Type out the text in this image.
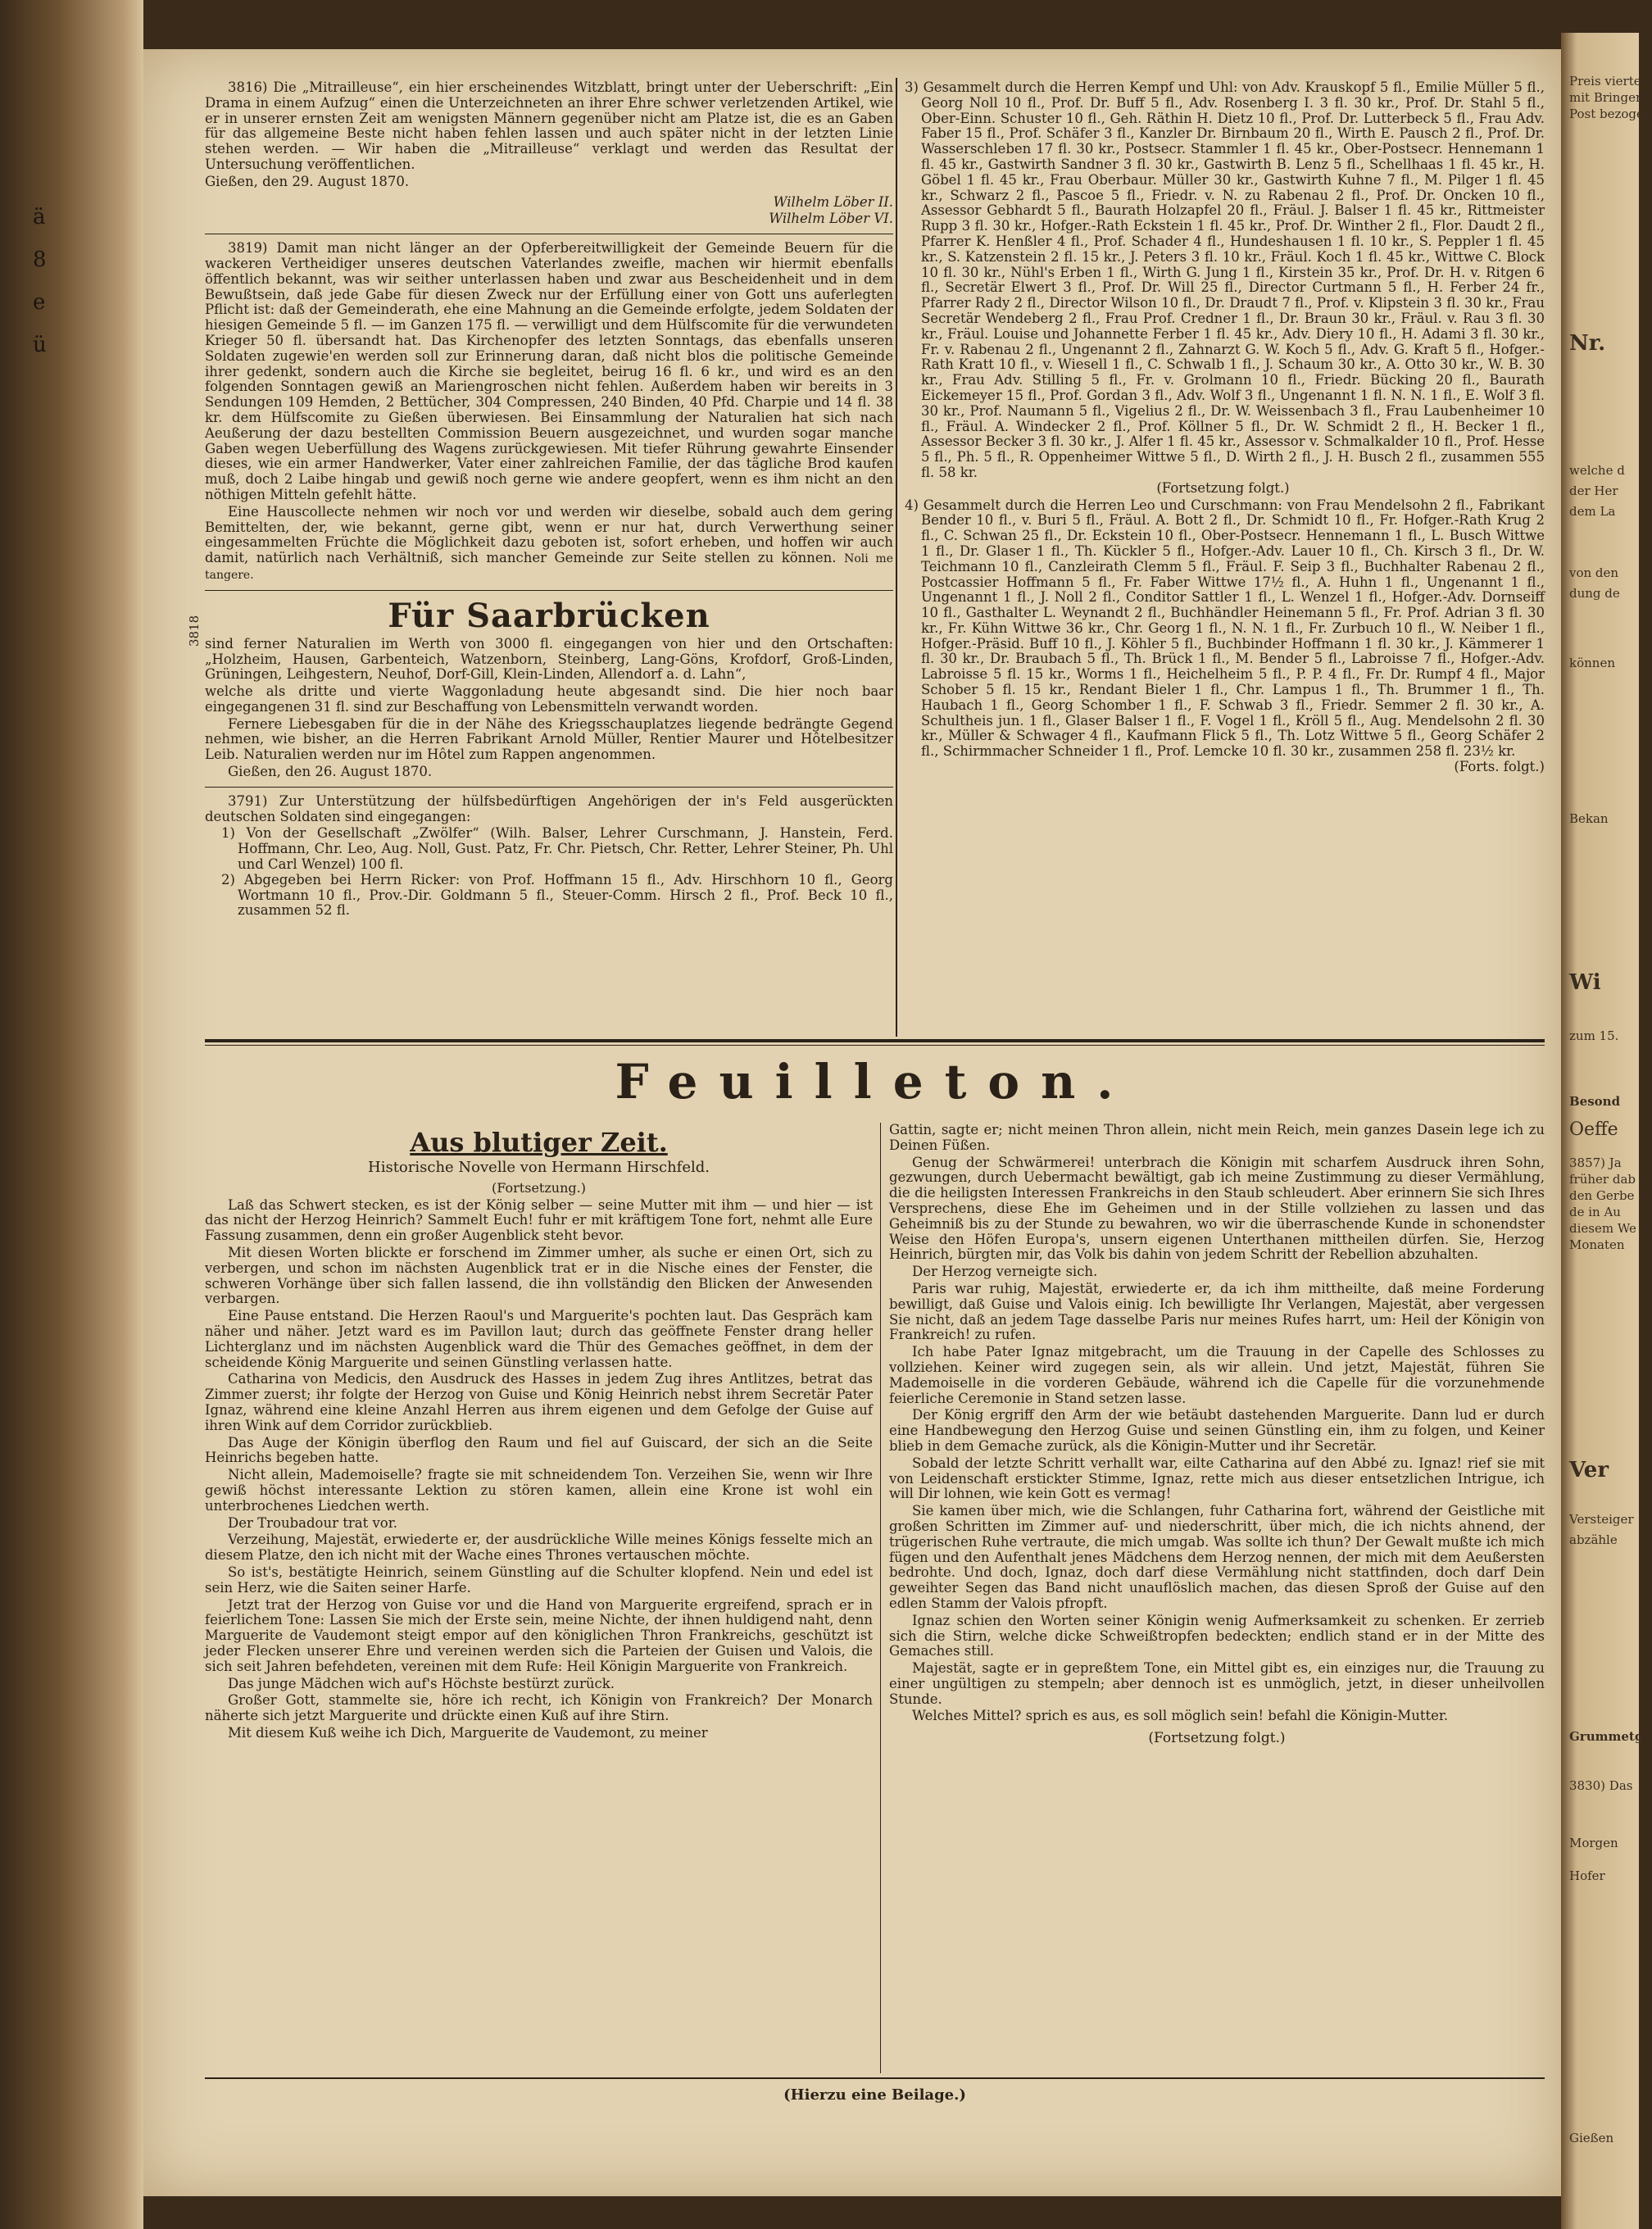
ä
8
e
ü

3816) Die „Mitrailleuse“, ein hier erscheinendes Witzblatt, bringt unter der Ueberschrift: „Ein Drama in einem Aufzug“ einen die Unterzeichneten an ihrer Ehre schwer verletzenden Artikel, wie er in unserer ernsten Zeit am wenigsten Männern gegenüber nicht am Platze ist, die es an Gaben für das allgemeine Beste nicht haben fehlen lassen und auch später nicht in der letzten Linie stehen werden. — Wir haben die „Mitrailleuse“ verklagt und werden das Resultat der Untersuchung veröffentlichen.

Gießen, den 29. August 1870.

Wilhelm Löber II.

Wilhelm Löber VI.

3819) Damit man nicht länger an der Opferbereitwilligkeit der Gemeinde Beuern für die wackeren Vertheidiger unseres deutschen Vaterlandes zweifle, machen wir hiermit ebenfalls öffentlich bekannt, was wir seither unterlassen haben und zwar aus Bescheidenheit und in dem Bewußtsein, daß jede Gabe für diesen Zweck nur der Erfüllung einer von Gott uns auferlegten Pflicht ist: daß der Gemeinderath, ehe eine Mahnung an die Gemeinde erfolgte, jedem Soldaten der hiesigen Gemeinde 5 fl. — im Ganzen 175 fl. — verwilligt und dem Hülfscomite für die verwundeten Krieger 50 fl. übersandt hat. Das Kirchenopfer des letzten Sonntags, das ebenfalls unseren Soldaten zugewie'en werden soll zur Erinnerung daran, daß nicht blos die politische Gemeinde ihrer gedenkt, sondern auch die Kirche sie begleitet, beirug 16 fl. 6 kr., und wird es an den folgenden Sonntagen gewiß an Mariengroschen nicht fehlen. Außerdem haben wir bereits in 3 Sendungen 109 Hemden, 2 Bettücher, 304 Compressen, 240 Binden, 40 Pfd. Charpie und 14 fl. 38 kr. dem Hülfscomite zu Gießen überwiesen. Bei Einsammlung der Naturalien hat sich nach Aeußerung der dazu bestellten Commission Beuern ausgezeichnet, und wurden sogar manche Gaben wegen Ueberfüllung des Wagens zurückgewiesen. Mit tiefer Rührung gewahrte Einsender dieses, wie ein armer Handwerker, Vater einer zahlreichen Familie, der das tägliche Brod kaufen muß, doch 2 Laibe hingab und gewiß noch gerne wie andere geopfert, wenn es ihm nicht an den nöthigen Mitteln gefehlt hätte.

Eine Hauscollecte nehmen wir noch vor und werden wir dieselbe, sobald auch dem gering Bemittelten, der, wie bekannt, gerne gibt, wenn er nur hat, durch Verwerthung seiner eingesammelten Früchte die Möglichkeit dazu geboten ist, sofort erheben, und hoffen wir auch damit, natürlich nach Verhältniß, sich mancher Gemeinde zur Seite stellen zu können. Noli me tangere.

3818	Für Saarbrücken

sind ferner Naturalien im Werth von 3000 fl. eingegangen von hier und den Ortschaften: „Holzheim, Hausen, Garbenteich, Watzenborn, Steinberg, Lang-Göns, Krofdorf, Groß-Linden, Grüningen, Leihgestern, Neuhof, Dorf-Gill, Klein-Linden, Allendorf a. d. Lahn“,

welche als dritte und vierte Waggonladung heute abgesandt sind. Die hier noch baar eingegangenen 31 fl. sind zur Beschaffung von Lebensmitteln verwandt worden.

Fernere Liebesgaben für die in der Nähe des Kriegsschauplatzes liegende bedrängte Gegend nehmen, wie bisher, an die Herren Fabrikant Arnold Müller, Rentier Maurer und Hôtelbesitzer Leib. Naturalien werden nur im Hôtel zum Rappen angenommen.

Gießen, den 26. August 1870.

3791) Zur Unterstützung der hülfsbedürftigen Angehörigen der in's Feld ausgerückten deutschen Soldaten sind eingegangen:

1) Von der Gesellschaft „Zwölfer“ (Wilh. Balser, Lehrer Curschmann, J. Hanstein, Ferd. Hoffmann, Chr. Leo, Aug. Noll, Gust. Patz, Fr. Chr. Pietsch, Chr. Retter, Lehrer Steiner, Ph. Uhl und Carl Wenzel) 100 fl.

2) Abgegeben bei Herrn Ricker: von Prof. Hoffmann 15 fl., Adv. Hirschhorn 10 fl., Georg Wortmann 10 fl., Prov.-Dir. Goldmann 5 fl., Steuer-Comm. Hirsch 2 fl., Prof. Beck 10 fl., zusammen 52 fl.

3) Gesammelt durch die Herren Kempf und Uhl: von Adv. Krauskopf 5 fl., Emilie Müller 5 fl., Georg Noll 10 fl., Prof. Dr. Buff 5 fl., Adv. Rosenberg I. 3 fl. 30 kr., Prof. Dr. Stahl 5 fl., Ober-Einn. Schuster 10 fl., Geh. Räthin H. Dietz 10 fl., Prof. Dr. Lutterbeck 5 fl., Frau Adv. Faber 15 fl., Prof. Schäfer 3 fl., Kanzler Dr. Birnbaum 20 fl., Wirth E. Pausch 2 fl., Prof. Dr. Wasserschleben 17 fl. 30 kr., Postsecr. Stammler 1 fl. 45 kr., Ober-Postsecr. Hennemann 1 fl. 45 kr., Gastwirth Sandner 3 fl. 30 kr., Gastwirth B. Lenz 5 fl., Schellhaas 1 fl. 45 kr., H. Göbel 1 fl. 45 kr., Frau Oberbaur. Müller 30 kr., Gastwirth Kuhne 7 fl., M. Pilger 1 fl. 45 kr., Schwarz 2 fl., Pascoe 5 fl., Friedr. v. N. zu Rabenau 2 fl., Prof. Dr. Oncken 10 fl., Assessor Gebhardt 5 fl., Baurath Holzapfel 20 fl., Fräul. J. Balser 1 fl. 45 kr., Rittmeister Rupp 3 fl. 30 kr., Hofger.-Rath Eckstein 1 fl. 45 kr., Prof. Dr. Winther 2 fl., Flor. Daudt 2 fl., Pfarrer K. Henßler 4 fl., Prof. Schader 4 fl., Hundeshausen 1 fl. 10 kr., S. Peppler 1 fl. 45 kr., S. Katzenstein 2 fl. 15 kr., J. Peters 3 fl. 10 kr., Fräul. Koch 1 fl. 45 kr., Wittwe C. Block 10 fl. 30 kr., Nühl's Erben 1 fl., Wirth G. Jung 1 fl., Kirstein 35 kr., Prof. Dr. H. v. Ritgen 6 fl., Secretär Elwert 3 fl., Prof. Dr. Will 25 fl., Director Curtmann 5 fl., H. Ferber 24 fr., Pfarrer Rady 2 fl., Director Wilson 10 fl., Dr. Draudt 7 fl., Prof. v. Klipstein 3 fl. 30 kr., Frau Secretär Wendeberg 2 fl., Frau Prof. Credner 1 fl., Dr. Braun 30 kr., Fräul. v. Rau 3 fl. 30 kr., Fräul. Louise und Johannette Ferber 1 fl. 45 kr., Adv. Diery 10 fl., H. Adami 3 fl. 30 kr., Fr. v. Rabenau 2 fl., Ungenannt 2 fl., Zahnarzt G. W. Koch 5 fl., Adv. G. Kraft 5 fl., Hofger.-Rath Kratt 10 fl., v. Wiesell 1 fl., C. Schwalb 1 fl., J. Schaum 30 kr., A. Otto 30 kr., W. B. 30 kr., Frau Adv. Stilling 5 fl., Fr. v. Grolmann 10 fl., Friedr. Bücking 20 fl., Baurath Eickemeyer 15 fl., Prof. Gordan 3 fl., Adv. Wolf 3 fl., Ungenannt 1 fl. N. N. 1 fl., E. Wolf 3 fl. 30 kr., Prof. Naumann 5 fl., Vigelius 2 fl., Dr. W. Weissenbach 3 fl., Frau Laubenheimer 10 fl., Fräul. A. Windecker 2 fl., Prof. Köllner 5 fl., Dr. W. Schmidt 2 fl., H. Becker 1 fl., Assessor Becker 3 fl. 30 kr., J. Alfer 1 fl. 45 kr., Assessor v. Schmalkalder 10 fl., Prof. Hesse 5 fl., Ph. 5 fl., R. Oppenheimer Wittwe 5 fl., D. Wirth 2 fl., J. H. Busch 2 fl., zusammen 555 fl. 58 kr.

(Fortsetzung folgt.)

4) Gesammelt durch die Herren Leo und Curschmann: von Frau Mendelsohn 2 fl., Fabrikant Bender 10 fl., v. Buri 5 fl., Fräul. A. Bott 2 fl., Dr. Schmidt 10 fl., Fr. Hofger.-Rath Krug 2 fl., C. Schwan 25 fl., Dr. Eckstein 10 fl., Ober-Postsecr. Hennemann 1 fl., L. Busch Wittwe 1 fl., Dr. Glaser 1 fl., Th. Kückler 5 fl., Hofger.-Adv. Lauer 10 fl., Ch. Kirsch 3 fl., Dr. W. Teichmann 10 fl., Canzleirath Clemm 5 fl., Fräul. F. Seip 3 fl., Buchhalter Rabenau 2 fl., Postcassier Hoffmann 5 fl., Fr. Faber Wittwe 17½ fl., A. Huhn 1 fl., Ungenannt 1 fl., Ungenannt 1 fl., J. Noll 2 fl., Conditor Sattler 1 fl., L. Wenzel 1 fl., Hofger.-Adv. Dornseiff 10 fl., Gasthalter L. Weynandt 2 fl., Buchhändler Heinemann 5 fl., Fr. Prof. Adrian 3 fl. 30 kr., Fr. Kühn Wittwe 36 kr., Chr. Georg 1 fl., N. N. 1 fl., Fr. Zurbuch 10 fl., W. Neiber 1 fl., Hofger.-Präsid. Buff 10 fl., J. Köhler 5 fl., Buchbinder Hoffmann 1 fl. 30 kr., J. Kämmerer 1 fl. 30 kr., Dr. Braubach 5 fl., Th. Brück 1 fl., M. Bender 5 fl., Labroisse 7 fl., Hofger.-Adv. Labroisse 5 fl. 15 kr., Worms 1 fl., Heichelheim 5 fl., P. P. 4 fl., Fr. Dr. Rumpf 4 fl., Major Schober 5 fl. 15 kr., Rendant Bieler 1 fl., Chr. Lampus 1 fl., Th. Brummer 1 fl., Th. Haubach 1 fl., Georg Schomber 1 fl., F. Schwab 3 fl., Friedr. Semmer 2 fl. 30 kr., A. Schultheis jun. 1 fl., Glaser Balser 1 fl., F. Vogel 1 fl., Kröll 5 fl., Aug. Mendelsohn 2 fl. 30 kr., Müller & Schwager 4 fl., Kaufmann Flick 5 fl., Th. Lotz Wittwe 5 fl., Georg Schäfer 2 fl., Schirmmacher Schneider 1 fl., Prof. Lemcke 10 fl. 30 kr., zusammen 258 fl. 23½ kr.

(Forts. folgt.)

Feuilleton.
Aus blutiger Zeit.
Historische Novelle von Hermann Hirschfeld.
(Fortsetzung.)

Laß das Schwert stecken, es ist der König selber — seine Mutter mit ihm — und hier — ist das nicht der Herzog Heinrich? Sammelt Euch! fuhr er mit kräftigem Tone fort, nehmt alle Eure Fassung zusammen, denn ein großer Augenblick steht bevor.

Mit diesen Worten blickte er forschend im Zimmer umher, als suche er einen Ort, sich zu verbergen, und schon im nächsten Augenblick trat er in die Nische eines der Fenster, die schweren Vorhänge über sich fallen lassend, die ihn vollständig den Blicken der Anwesenden verbargen.

Eine Pause entstand. Die Herzen Raoul's und Marguerite's pochten laut. Das Gespräch kam näher und näher. Jetzt ward es im Pavillon laut; durch das geöffnete Fenster drang heller Lichterglanz und im nächsten Augenblick ward die Thür des Gemaches geöffnet, in dem der scheidende König Marguerite und seinen Günstling verlassen hatte.

Catharina von Medicis, den Ausdruck des Hasses in jedem Zug ihres Antlitzes, betrat das Zimmer zuerst; ihr folgte der Herzog von Guise und König Heinrich nebst ihrem Secretär Pater Ignaz, während eine kleine Anzahl Herren aus ihrem eigenen und dem Gefolge der Guise auf ihren Wink auf dem Corridor zurückblieb.

Das Auge der Königin überflog den Raum und fiel auf Guiscard, der sich an die Seite Heinrichs begeben hatte.

Nicht allein, Mademoiselle? fragte sie mit schneidendem Ton. Verzeihen Sie, wenn wir Ihre gewiß höchst interessante Lektion zu stören kamen, allein eine Krone ist wohl ein unterbrochenes Liedchen werth.

Der Troubadour trat vor.

Verzeihung, Majestät, erwiederte er, der ausdrückliche Wille meines Königs fesselte mich an diesem Platze, den ich nicht mit der Wache eines Thrones vertauschen möchte.

So ist's, bestätigte Heinrich, seinem Günstling auf die Schulter klopfend. Nein und edel ist sein Herz, wie die Saiten seiner Harfe.

Jetzt trat der Herzog von Guise vor und die Hand von Marguerite ergreifend, sprach er in feierlichem Tone: Lassen Sie mich der Erste sein, meine Nichte, der ihnen huldigend naht, denn Marguerite de Vaudemont steigt empor auf den königlichen Thron Frankreichs, geschützt ist jeder Flecken unserer Ehre und vereinen werden sich die Parteien der Guisen und Valois, die sich seit Jahren befehdeten, vereinen mit dem Rufe: Heil Königin Marguerite von Frankreich.

Das junge Mädchen wich auf's Höchste bestürzt zurück.

Großer Gott, stammelte sie, höre ich recht, ich Königin von Frankreich? Der Monarch näherte sich jetzt Marguerite und drückte einen Kuß auf ihre Stirn.

Mit diesem Kuß weihe ich Dich, Marguerite de Vaudemont, zu meiner

Gattin, sagte er; nicht meinen Thron allein, nicht mein Reich, mein ganzes Dasein lege ich zu Deinen Füßen.

Genug der Schwärmerei! unterbrach die Königin mit scharfem Ausdruck ihren Sohn, gezwungen, durch Uebermacht bewältigt, gab ich meine Zustimmung zu dieser Vermählung, die die heiligsten Interessen Frankreichs in den Staub schleudert. Aber erinnern Sie sich Ihres Versprechens, diese Ehe im Geheimen und in der Stille vollziehen zu lassen und das Geheimniß bis zu der Stunde zu bewahren, wo wir die überraschende Kunde in schonendster Weise den Höfen Europa's, unsern eigenen Unterthanen mittheilen dürfen. Sie, Herzog Heinrich, bürgten mir, das Volk bis dahin von jedem Schritt der Rebellion abzuhalten.

Der Herzog verneigte sich.

Paris war ruhig, Majestät, erwiederte er, da ich ihm mittheilte, daß meine Forderung bewilligt, daß Guise und Valois einig. Ich bewilligte Ihr Verlangen, Majestät, aber vergessen Sie nicht, daß an jedem Tage dasselbe Paris nur meines Rufes harrt, um: Heil der Königin von Frankreich! zu rufen.

Ich habe Pater Ignaz mitgebracht, um die Trauung in der Capelle des Schlosses zu vollziehen. Keiner wird zugegen sein, als wir allein. Und jetzt, Majestät, führen Sie Mademoiselle in die vorderen Gebäude, während ich die Capelle für die vorzunehmende feierliche Ceremonie in Stand setzen lasse.

Der König ergriff den Arm der wie betäubt dastehenden Marguerite. Dann lud er durch eine Handbewegung den Herzog Guise und seinen Günstling ein, ihm zu folgen, und Keiner blieb in dem Gemache zurück, als die Königin-Mutter und ihr Secretär.

Sobald der letzte Schritt verhallt war, eilte Catharina auf den Abbé zu. Ignaz! rief sie mit von Leidenschaft erstickter Stimme, Ignaz, rette mich aus dieser entsetzlichen Intrigue, ich will Dir lohnen, wie kein Gott es vermag!

Sie kamen über mich, wie die Schlangen, fuhr Catharina fort, während der Geistliche mit großen Schritten im Zimmer auf- und niederschritt, über mich, die ich nichts ahnend, der trügerischen Ruhe vertraute, die mich umgab. Was sollte ich thun? Der Gewalt mußte ich mich fügen und den Aufenthalt jenes Mädchens dem Herzog nennen, der mich mit dem Aeußersten bedrohte. Und doch, Ignaz, doch darf diese Vermählung nicht stattfinden, doch darf Dein geweihter Segen das Band nicht unauflöslich machen, das diesen Sproß der Guise auf den edlen Stamm der Valois pfropft.

Ignaz schien den Worten seiner Königin wenig Aufmerksamkeit zu schenken. Er zerrieb sich die Stirn, welche dicke Schweißtropfen bedeckten; endlich stand er in der Mitte des Gemaches still.

Majestät, sagte er in gepreßtem Tone, ein Mittel gibt es, ein einziges nur, die Trauung zu einer ungültigen zu stempeln; aber dennoch ist es unmöglich, jetzt, in dieser unheilvollen Stunde.

Welches Mittel? sprich es aus, es soll möglich sein! befahl die Königin-Mutter.

(Fortsetzung folgt.)
(Hierzu eine Beilage.)
Preis vierte
mit Bringerl
Post bezogen
Nr.
welche d
der Her
dem La
von den
dung de
können
Bekan
Wi
zum 15.
Besond
Oeffe
3857) Ja
früher dab
den Gerbe
de in Au
diesem We
Monaten
Ver
Versteiger
abzähle
Grummetg
3830) Das
Morgen
Hofer
Gießen
